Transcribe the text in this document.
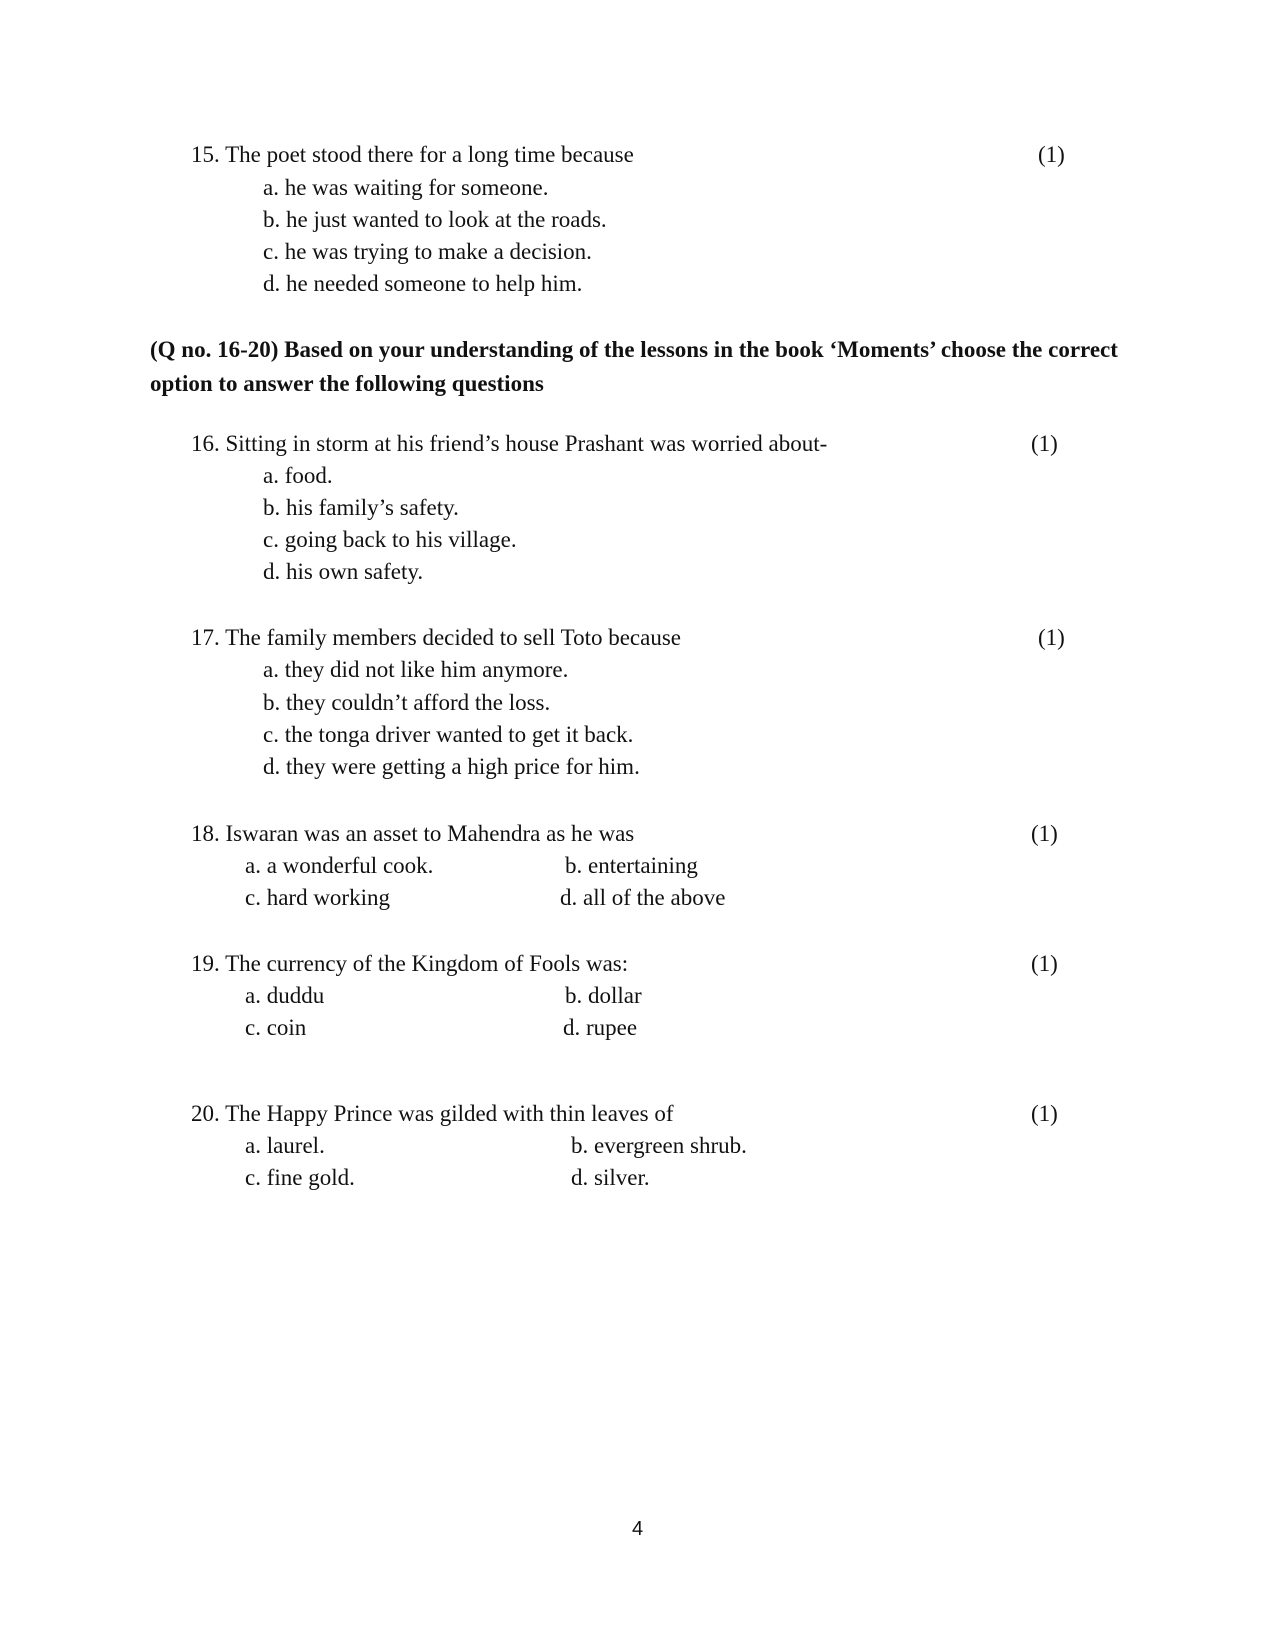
15. The poet stood there for a long time because	(1)
a. he was waiting for someone.
b. he just wanted to look at the roads.
c. he was trying to make a decision.
d. he needed someone to help him.
(Q no. 16-20) Based on your understanding of the lessons in the book ‘Moments’ choose the correct option to answer the following questions
16. Sitting in storm at his friend’s house Prashant was worried about-	(1)
a. food.
b. his family’s safety.
c. going back to his village.
d. his own safety.
17. The family members decided to sell Toto because	(1)
a. they did not like him anymore.
b. they couldn’t afford the loss.
c. the tonga driver wanted to get it back.
d. they were getting a high price for him.
18. Iswaran was an asset to Mahendra as he was	(1)
a. a wonderful cook.	b. entertaining
c. hard working	d. all of the above
19. The currency of the Kingdom of Fools was:	(1)
a. duddu	b. dollar
c. coin	d. rupee
20. The Happy Prince was gilded with thin leaves of	(1)
a. laurel.	b. evergreen shrub.
c. fine gold.	d. silver.
4
